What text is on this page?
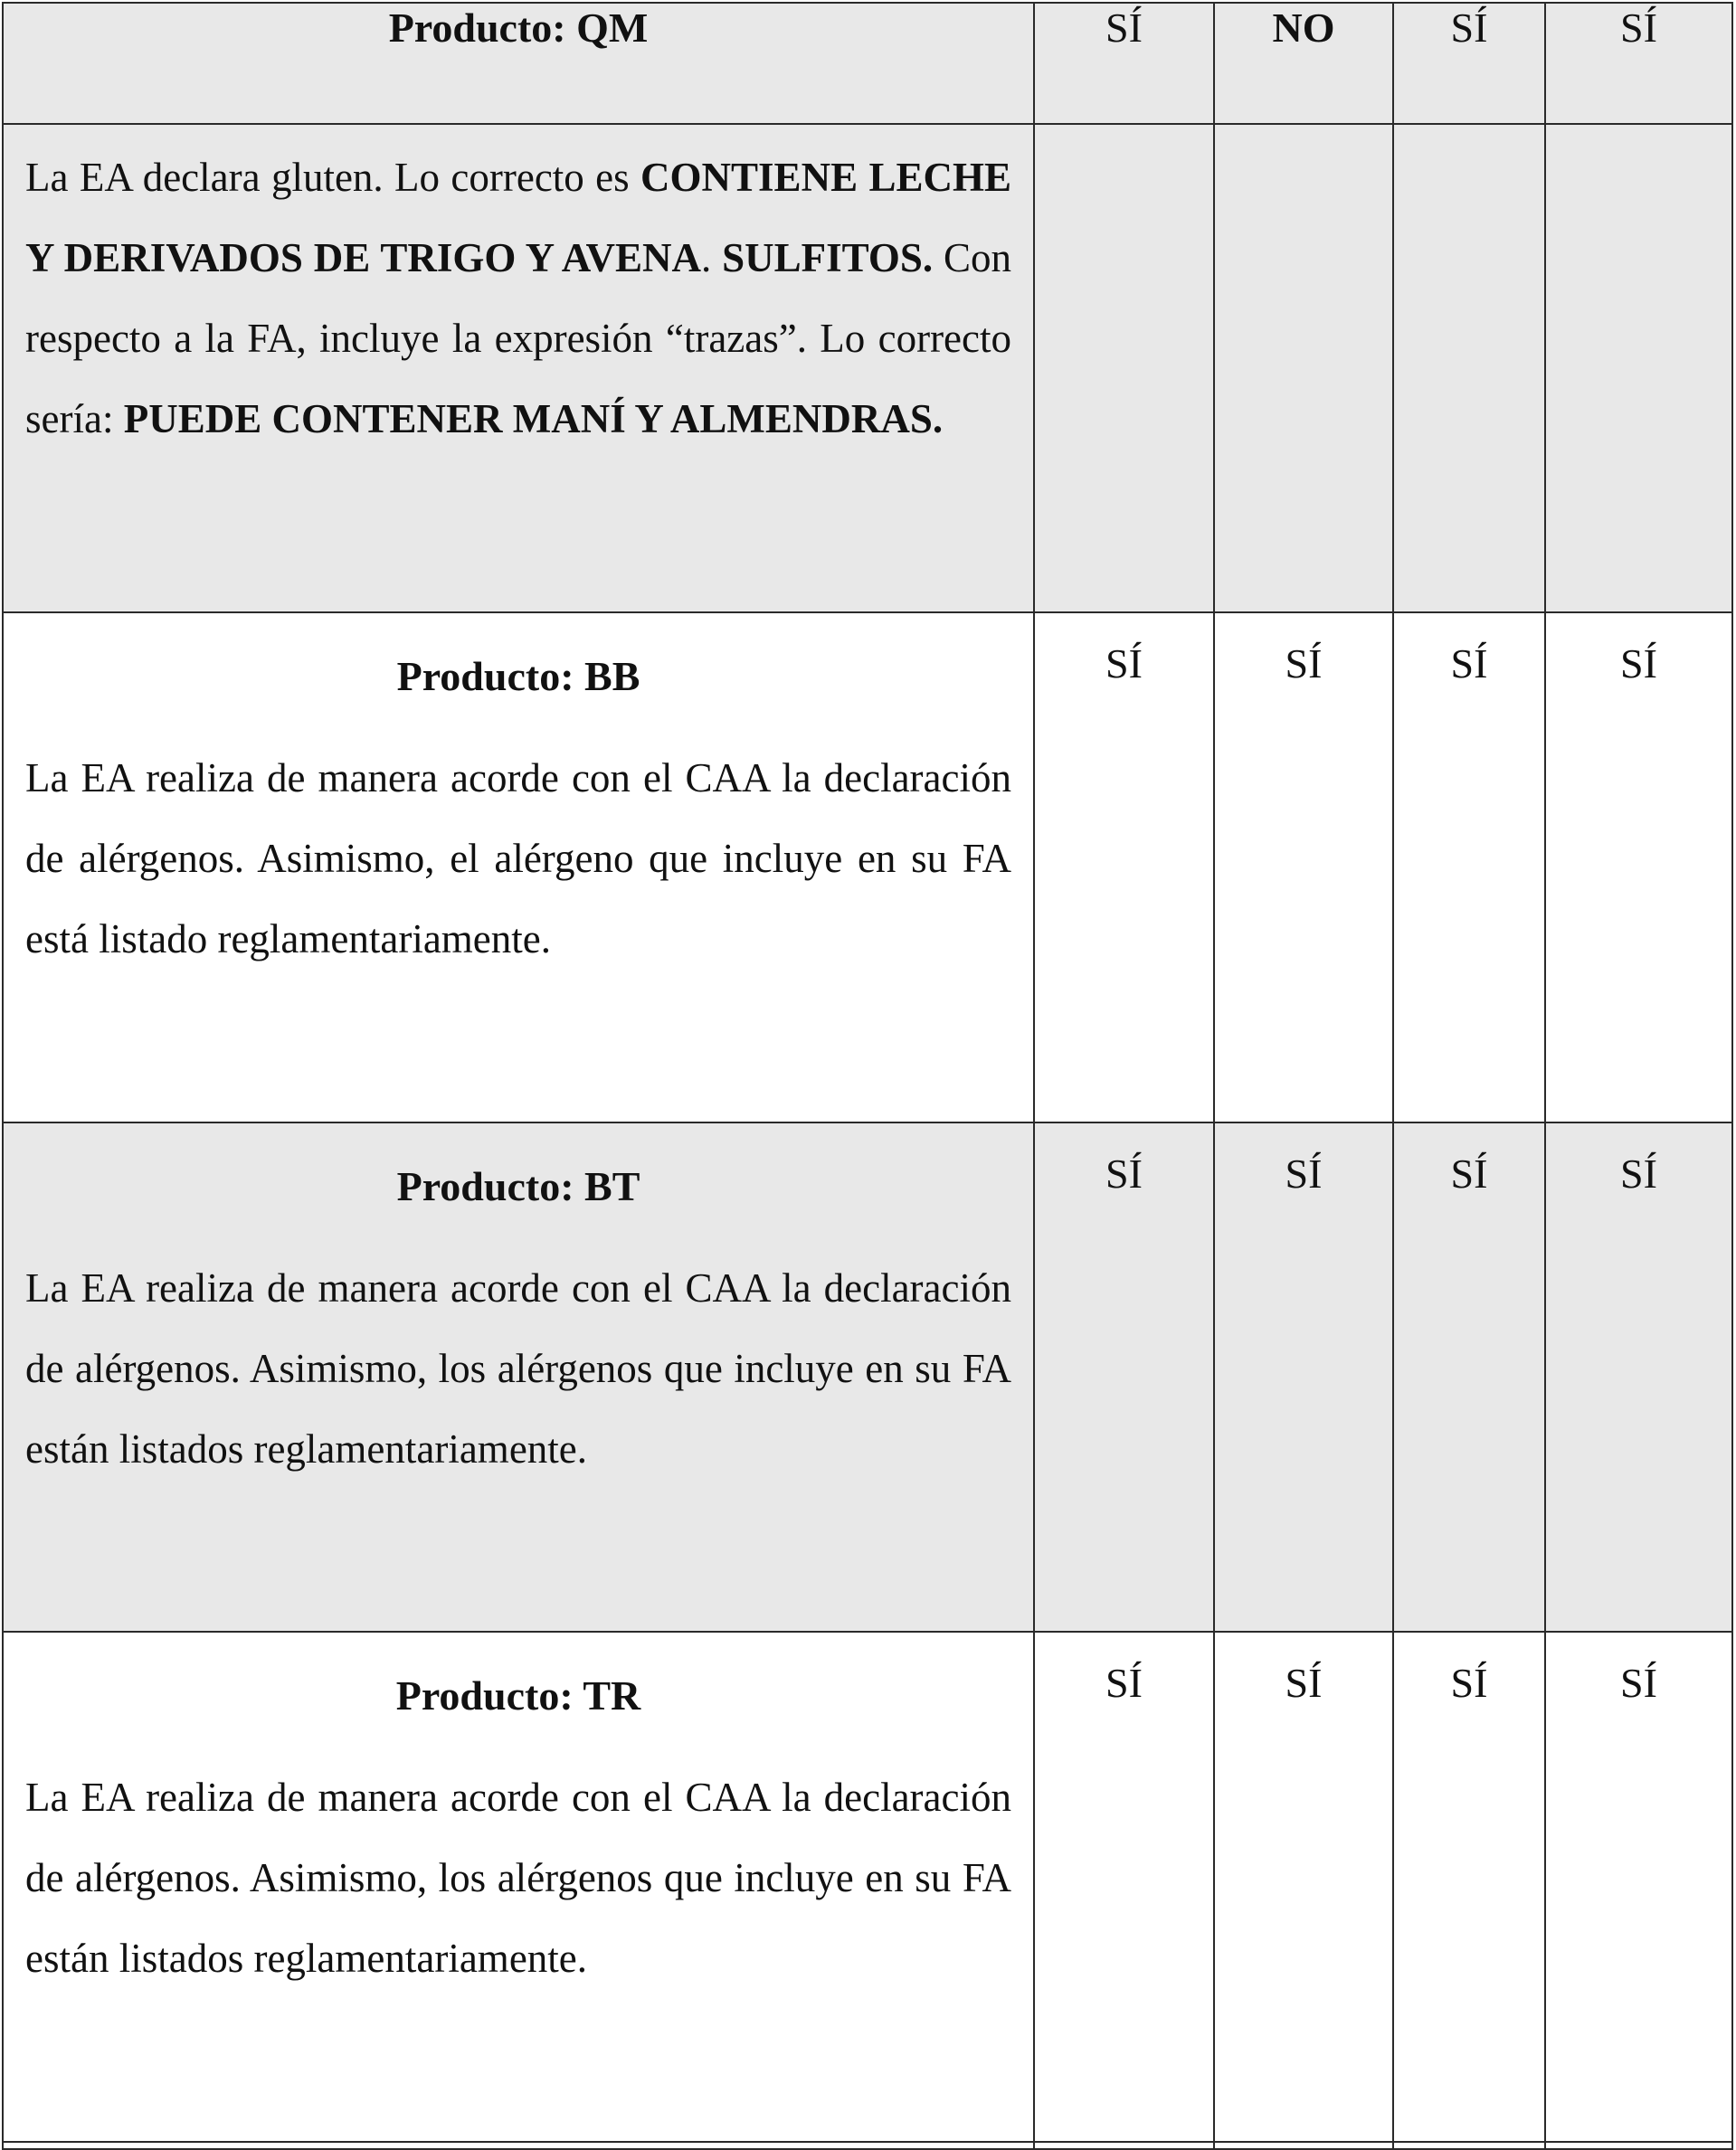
Producto: QM	SÍ	NO	SÍ	SÍ

La EA declara gluten. Lo correcto es CONTIENE LECHE Y DERIVADOS DE TRIGO Y AVENA. SULFITOS. Con respecto a la FA, incluye la expresión “trazas”. Lo correcto sería: PUEDE CONTENER MANÍ Y ALMENDRAS.				

Producto: BB

La EA realiza de manera acorde con el CAA la declaración de alérgenos. Asimismo, el alérgeno que incluye en su FA está listado reglamentariamente.	SÍ	SÍ	SÍ	SÍ

Producto: BT

La EA realiza de manera acorde con el CAA la declaración de alérgenos. Asimismo, los alérgenos que incluye en su FA están listados reglamentariamente.	SÍ	SÍ	SÍ	SÍ

Producto: TR

La EA realiza de manera acorde con el CAA la declaración de alérgenos. Asimismo, los alérgenos que incluye en su FA están listados reglamentariamente.	SÍ	SÍ	SÍ	SÍ
